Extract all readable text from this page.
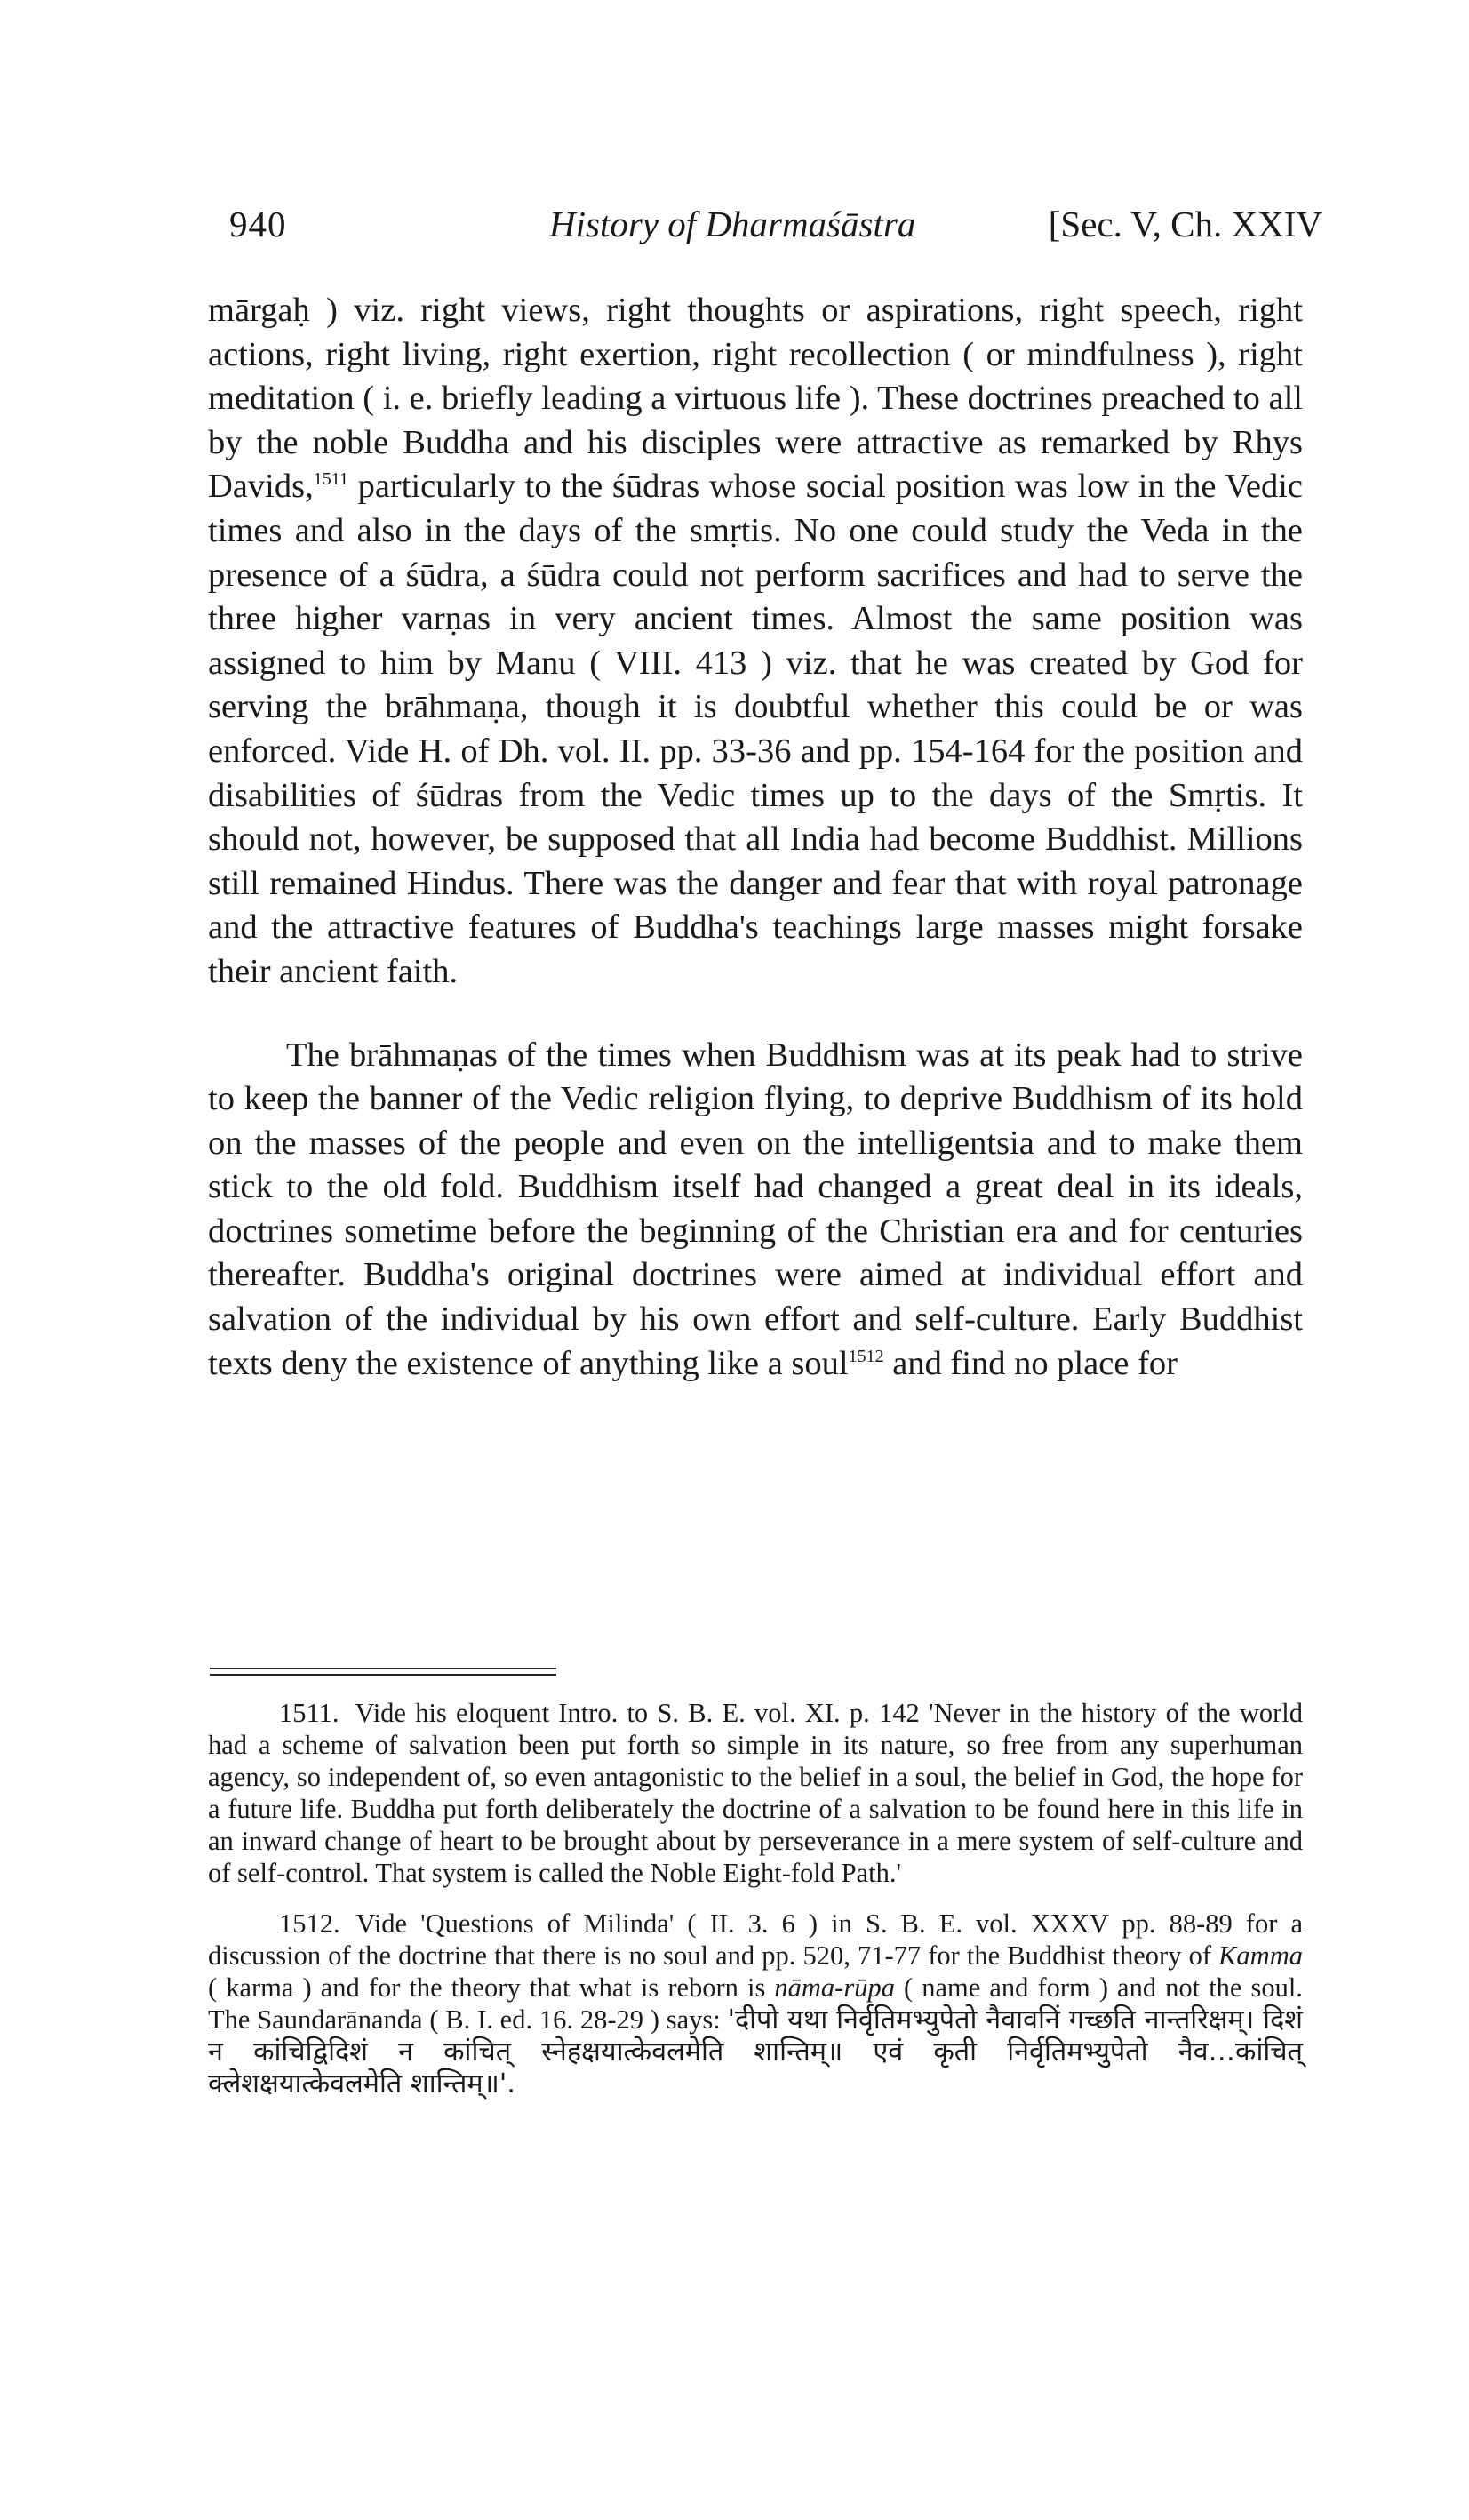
940	History of Dharmaśāstra	[Sec. V, Ch. XXIV

mārgaḥ ) viz. right views, right thoughts or aspirations, right speech, right actions, right living, right exertion, right recollection ( or mindfulness ), right meditation ( i. e. briefly leading a virtuous life ). These doctrines preached to all by the noble Buddha and his disciples were attractive as remarked by Rhys Davids,$^{1511}$ particularly to the śūdras whose social position was low in the Vedic times and also in the days of the smṛtis. No one could study the Veda in the presence of a śūdra, a śūdra could not perform sacrifices and had to serve the three higher varṇas in very ancient times. Almost the same position was assigned to him by Manu ( VIII. 413 ) viz. that he was created by God for serving the brāhmaṇa, though it is doubtful whether this could be or was enforced. Vide H. of Dh. vol. II. pp. 33-36 and pp. 154-164 for the position and disabilities of śūdras from the Vedic times up to the days of the Smṛtis. It should not, however, be supposed that all India had become Buddhist. Millions still remained Hindus. There was the danger and fear that with royal patronage and the attractive features of Buddha's teachings large masses might forsake their ancient faith.

The brāhmaṇas of the times when Buddhism was at its peak had to strive to keep the banner of the Vedic religion flying, to deprive Buddhism of its hold on the masses of the people and even on the intelligentsia and to make them stick to the old fold. Buddhism itself had changed a great deal in its ideals, doctrines sometime before the beginning of the Christian era and for centuries thereafter. Buddha's original doctrines were aimed at individual effort and salvation of the individual by his own effort and self-culture. Early Buddhist texts deny the existence of anything like a soul$^{1512}$ and find no place for

1511. Vide his eloquent Intro. to S. B. E. vol. XI. p. 142 'Never in the history of the world had a scheme of salvation been put forth so simple in its nature, so free from any superhuman agency, so independent of, so even antagonistic to the belief in a soul, the belief in God, the hope for a future life. Buddha put forth deliberately the doctrine of a salvation to be found here in this life in an inward change of heart to be brought about by perseverance in a mere system of self-culture and of self-control. That system is called the Noble Eight-fold Path.'

1512. Vide 'Questions of Milinda' ( II. 3. 6 ) in S. B. E. vol. XXXV pp. 88-89 for a discussion of the doctrine that there is no soul and pp. 520, 71-77 for the Buddhist theory of Kamma ( karma ) and for the theory that what is reborn is nāma-rūpa ( name and form ) and not the soul. The Saundarānanda ( B. I. ed. 16. 28-29 ) says: 'दीपो यथा निर्वृतिमभ्युपेतो नैवावनिं गच्छति नान्तरिक्षम्। दिशं न कांचिद्विदिशं न कांचित् स्नेहक्षयात्केवलमेति शान्तिम्॥ एवं कृती निर्वृतिमभ्युपेतो नैव…कांचित् क्लेशक्षयात्केवलमेति शान्तिम्॥'.
